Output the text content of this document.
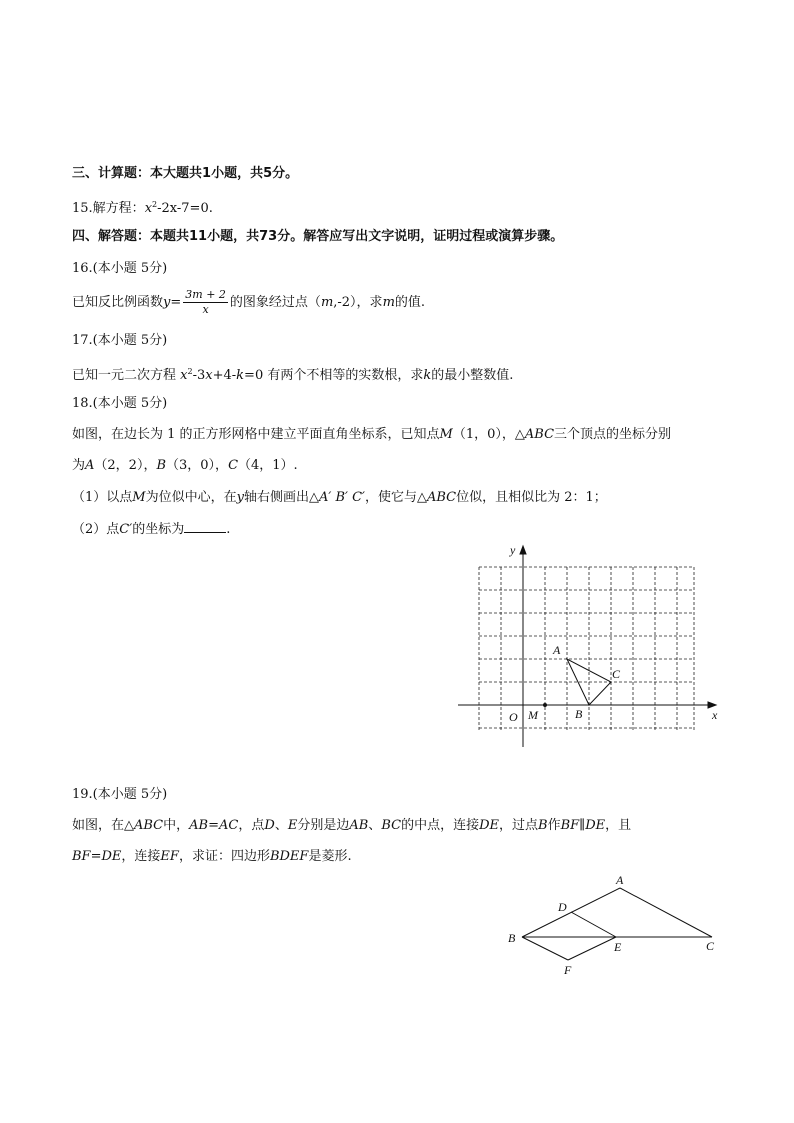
三、计算题：本大题共1小题，共5分。
15.解方程：$x^2-2x-7=0$.
四、解答题：本题共11小题，共73分。解答应写出文字说明，证明过程或演算步骤。
16.(本小题 5分)
已知反比例函数$y= \frac{3m + 2}{x}$ 的图象经过点（m,-2），求m的值.
17.(本小题 5分)
已知一元二次方程 $x^2-3x+4-k=0$ 有两个不相等的实数根，求k的最小整数值.
18.(本小题 5分)
如图，在边长为 1 的正方形网格中建立平面直角坐标系，已知点M（1，0），△ABC三个顶点的坐标分别
为A（2，2），B（3，0），C（4，1）.
（1）以点M为位似中心，在y轴右侧画出△A′ B′ C′，使它与△ABC位似，且相似比为 2：1；
（2）点C′的坐标为	.
y
x
O M
A
B
C
19.(本小题 5分)
如图，在△ABC中，AB=AC，点D、E分别是边AB、BC的中点，连接DE，过点B作BF∥DE，且
BF=DE，连接EF，求证：四边形BDEF是菱形.
A
D
B
E	C
F
